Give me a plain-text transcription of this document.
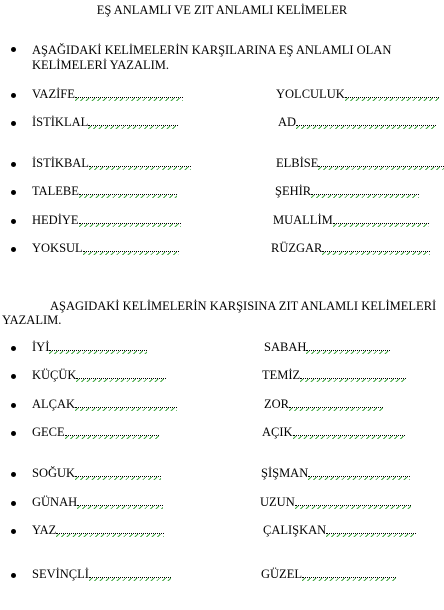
EŞ ANLAMLI VE ZIT ANLAMLI KELİMELER
AŞAĞIDAKİ KELİMELERİN KARŞILARINA EŞ ANLAMLI OLAN
KELİMELERİ YAZALIM.
VAZİFE	YOLCULUK
İSTİKLAL	AD
İSTİKBAL	ELBİSE
TALEBE	ŞEHİR
HEDİYE	MUALLİM
YOKSUL	RÜZGAR
AŞAGIDAKİ KELİMELERİN KARŞISINA ZIT ANLAMLI KELİMELERİ
YAZALIM.
İYİ	SABAH
KÜÇÜK	TEMİZ
ALÇAK	ZOR
GECE	AÇIK
SOĞUK	ŞİŞMAN
GÜNAH	UZUN
YAZ	ÇALIŞKAN
SEVİNÇLİ	GÜZEL
